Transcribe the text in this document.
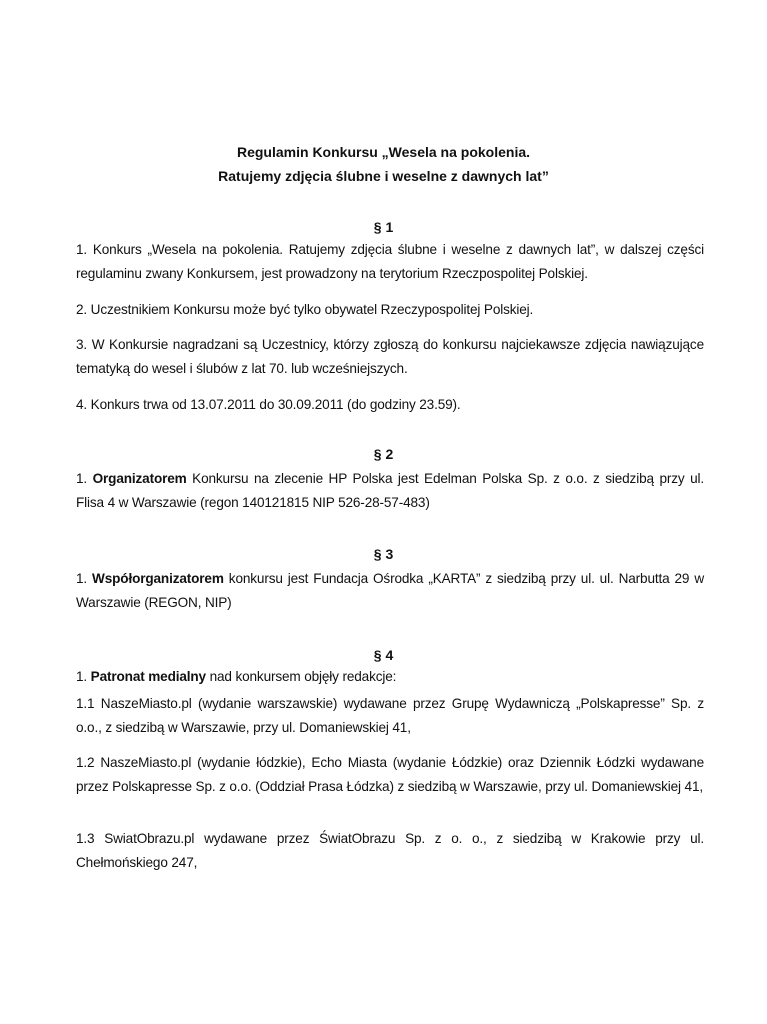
Regulamin Konkursu „Wesela na pokolenia.
Ratujemy zdjęcia ślubne i weselne z dawnych lat”
§ 1
1. Konkurs „Wesela na pokolenia. Ratujemy zdjęcia ślubne i weselne z dawnych lat”, w dalszej części regulaminu zwany Konkursem, jest prowadzony na terytorium Rzeczpospolitej Polskiej.
2. Uczestnikiem Konkursu może być tylko obywatel Rzeczypospolitej Polskiej.
3. W Konkursie nagradzani są Uczestnicy, którzy zgłoszą do konkursu najciekawsze zdjęcia nawiązujące tematyką do wesel i ślubów z lat 70. lub wcześniejszych.
4. Konkurs trwa od 13.07.2011 do 30.09.2011 (do godziny 23.59).
§ 2
1. Organizatorem Konkursu na zlecenie HP Polska jest Edelman Polska Sp. z o.o. z siedzibą przy ul. Flisa 4 w Warszawie (regon 140121815 NIP 526-28-57-483)
§ 3
1. Współorganizatorem konkursu jest Fundacja Ośrodka „KARTA” z siedzibą przy ul. ul. Narbutta 29 w Warszawie (REGON, NIP)
§ 4
1. Patronat medialny nad konkursem objęły redakcje:
1.1 NaszeMiasto.pl (wydanie warszawskie) wydawane przez Grupę Wydawniczą „Polskapresse” Sp. z o.o., z siedzibą w Warszawie, przy ul. Domaniewskiej 41,
1.2 NaszeMiasto.pl (wydanie łódzkie), Echo Miasta (wydanie Łódzkie) oraz Dziennik Łódzki wydawane przez Polskapresse Sp. z o.o. (Oddział Prasa Łódzka) z siedzibą w Warszawie, przy ul. Domaniewskiej 41,
1.3 SwiatObrazu.pl wydawane przez ŚwiatObrazu Sp. z o. o., z siedzibą w Krakowie przy ul. Chełmońskiego 247,
